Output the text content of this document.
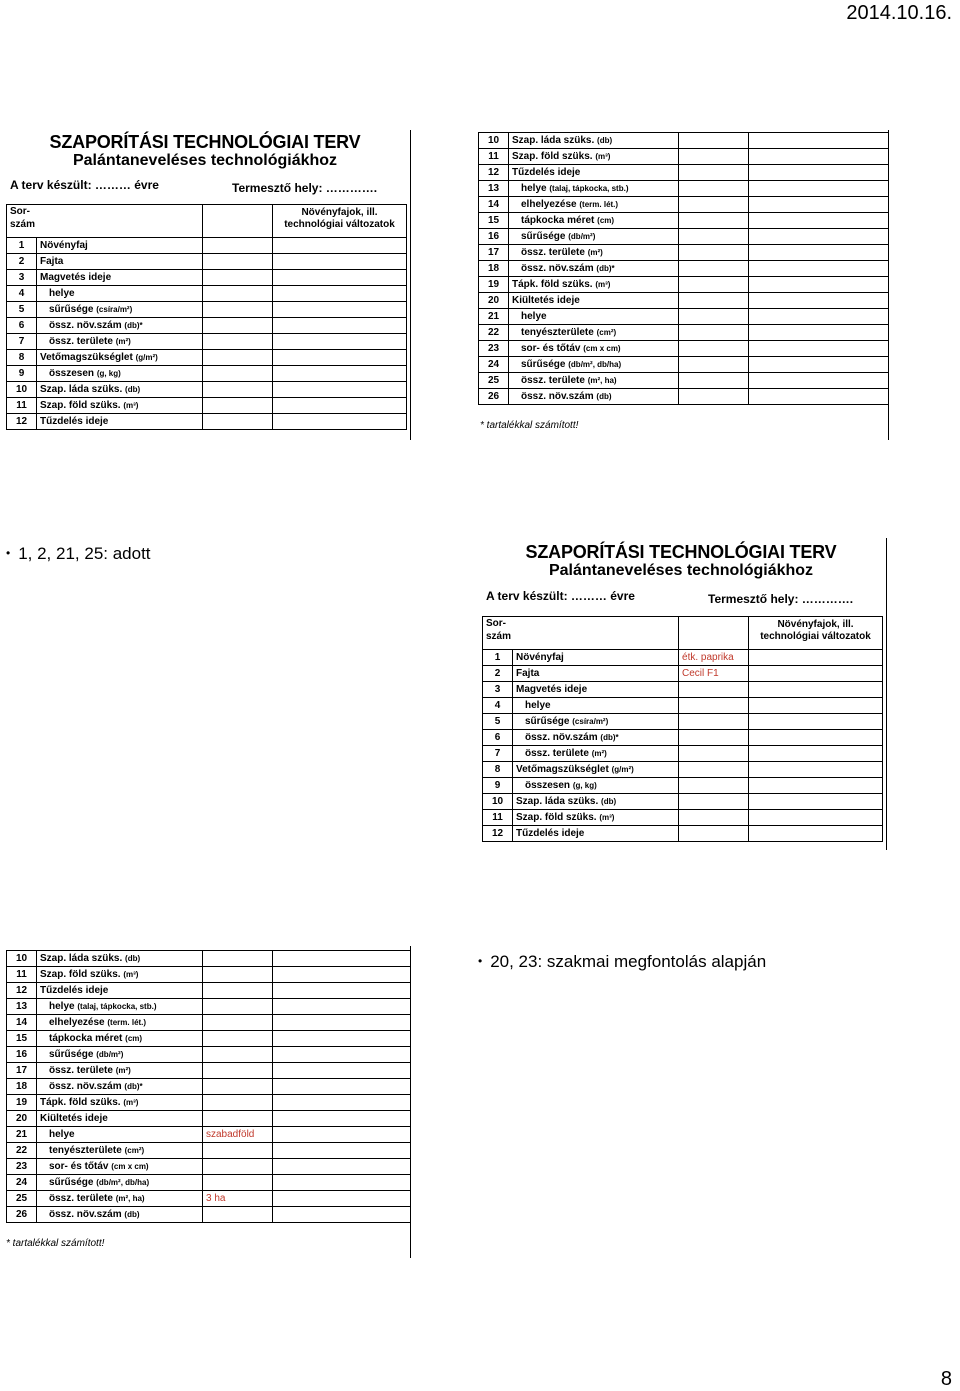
2014.10.16.
SZAPORÍTÁSI TECHNOLÓGIAI TERV
Palántaneveléses technológiákhoz
A terv készült: ……… évre	Termesztő hely: ………….
Sor-
szám			Növényfajok, ill. technológiai változatok
1	Növényfaj		
2	Fajta		
3	Magvetés ideje		
4	helye		
5	sűrűsége (csíra/m²)		
6	össz. növ.szám (db)*		
7	össz. területe (m²)		
8	Vetőmagszükséglet (g/m²)		
9	összesen (g, kg)		
10	Szap. láda szüks. (db)		
11	Szap. föld szüks. (m³)		
12	Tűzdelés ideje		
10	Szap. láda szüks. (db)		
11	Szap. föld szüks. (m³)		
12	Tűzdelés ideje		
13	helye (talaj, tápkocka, stb.)		
14	elhelyezése (term. lét.)		
15	tápkocka méret (cm)		
16	sűrűsége (db/m²)		
17	össz. területe (m²)		
18	össz. növ.szám (db)*		
19	Tápk. föld szüks. (m³)		
20	Kiültetés ideje		
21	helye		
22	tenyészterülete (cm²)		
23	sor- és tőtáv (cm x cm)		
24	sűrűsége (db/m², db/ha)		
25	össz. területe (m², ha)		
26	össz. növ.szám (db)		
* tartalékkal számított!
• 1, 2, 21, 25: adott	SZAPORÍTÁSI TECHNOLÓGIAI TERV
Palántaneveléses technológiákhoz
A terv készült: ……… évre	Termesztő hely: ………….
Sor-
szám			Növényfajok, ill. technológiai változatok
1	Növényfaj	étk. paprika	
2	Fajta	Cecil F1	
3	Magvetés ideje		
4	helye		
5	sűrűsége (csíra/m²)		
6	össz. növ.szám (db)*		
7	össz. területe (m²)		
8	Vetőmagszükséglet (g/m²)		
9	összesen (g, kg)		
10	Szap. láda szüks. (db)		
11	Szap. föld szüks. (m³)		
12	Tűzdelés ideje		
10	Szap. láda szüks. (db)		
11	Szap. föld szüks. (m³)		
12	Tűzdelés ideje		
13	helye (talaj, tápkocka, stb.)		
14	elhelyezése (term. lét.)		
15	tápkocka méret (cm)		
16	sűrűsége (db/m²)		
17	össz. területe (m²)		
18	össz. növ.szám (db)*		
19	Tápk. föld szüks. (m³)		
20	Kiültetés ideje		
21	helye	szabadföld	
22	tenyészterülete (cm²)		
23	sor- és tőtáv (cm x cm)		
24	sűrűsége (db/m², db/ha)		
25	össz. területe (m², ha)	3 ha	
26	össz. növ.szám (db)		
* tartalékkal számított!
• 20, 23: szakmai megfontolás alapján
8
